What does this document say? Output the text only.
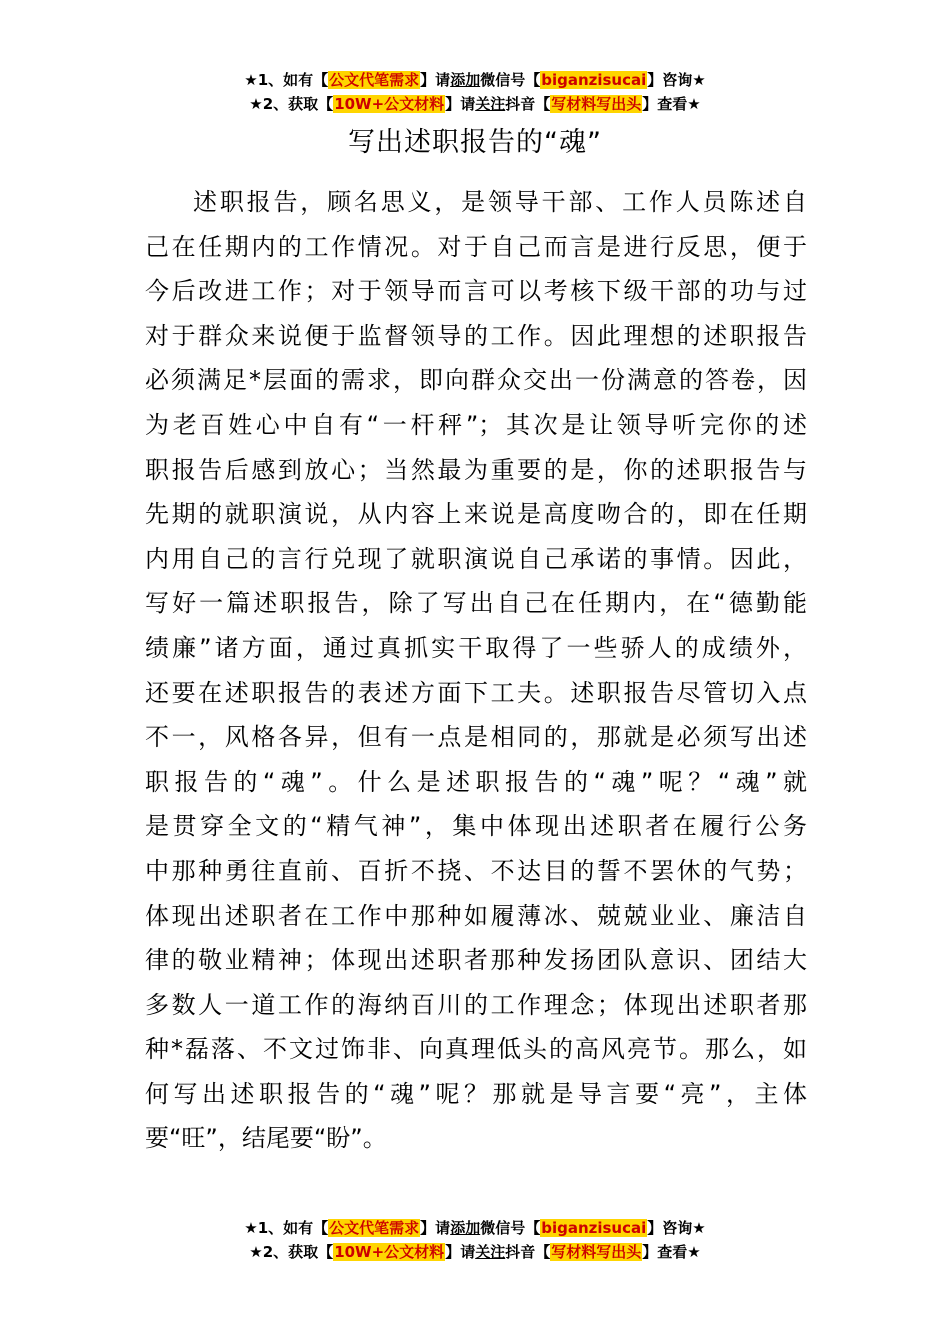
★1、如有【公文代笔需求】请添加微信号【biganzisucai】咨询★
★2、获取【10W+公文材料】请关注抖音【写材料写出头】查看★
写出述职报告的“魂”
述职报告，顾名思义，是领导干部、工作人员陈述自
己在任期内的工作情况。对于自己而言是进行反思，便于
今后改进工作；对于领导而言可以考核下级干部的功与过
对于群众来说便于监督领导的工作。因此理想的述职报告
必须满足*层面的需求，即向群众交出一份满意的答卷，因
为老百姓心中自有“一杆秤”；其次是让领导听完你的述
职报告后感到放心；当然最为重要的是，你的述职报告与
先期的就职演说，从内容上来说是高度吻合的，即在任期
内用自己的言行兑现了就职演说自己承诺的事情。因此，
写好一篇述职报告，除了写出自己在任期内，在“德勤能
绩廉”诸方面，通过真抓实干取得了一些骄人的成绩外，
还要在述职报告的表述方面下工夫。述职报告尽管切入点
不一，风格各异，但有一点是相同的，那就是必须写出述
职报告的“魂”。什么是述职报告的“魂”呢？“魂”就
是贯穿全文的“精气神”，集中体现出述职者在履行公务
中那种勇往直前、百折不挠、不达目的誓不罢休的气势；
体现出述职者在工作中那种如履薄冰、兢兢业业、廉洁自
律的敬业精神；体现出述职者那种发扬团队意识、团结大
多数人一道工作的海纳百川的工作理念；体现出述职者那
种*磊落、不文过饰非、向真理低头的高风亮节。那么，如
何写出述职报告的“魂”呢？那就是导言要“亮”，主体
要“旺”，结尾要“盼”。
★1、如有【公文代笔需求】请添加微信号【biganzisucai】咨询★
★2、获取【10W+公文材料】请关注抖音【写材料写出头】查看★
